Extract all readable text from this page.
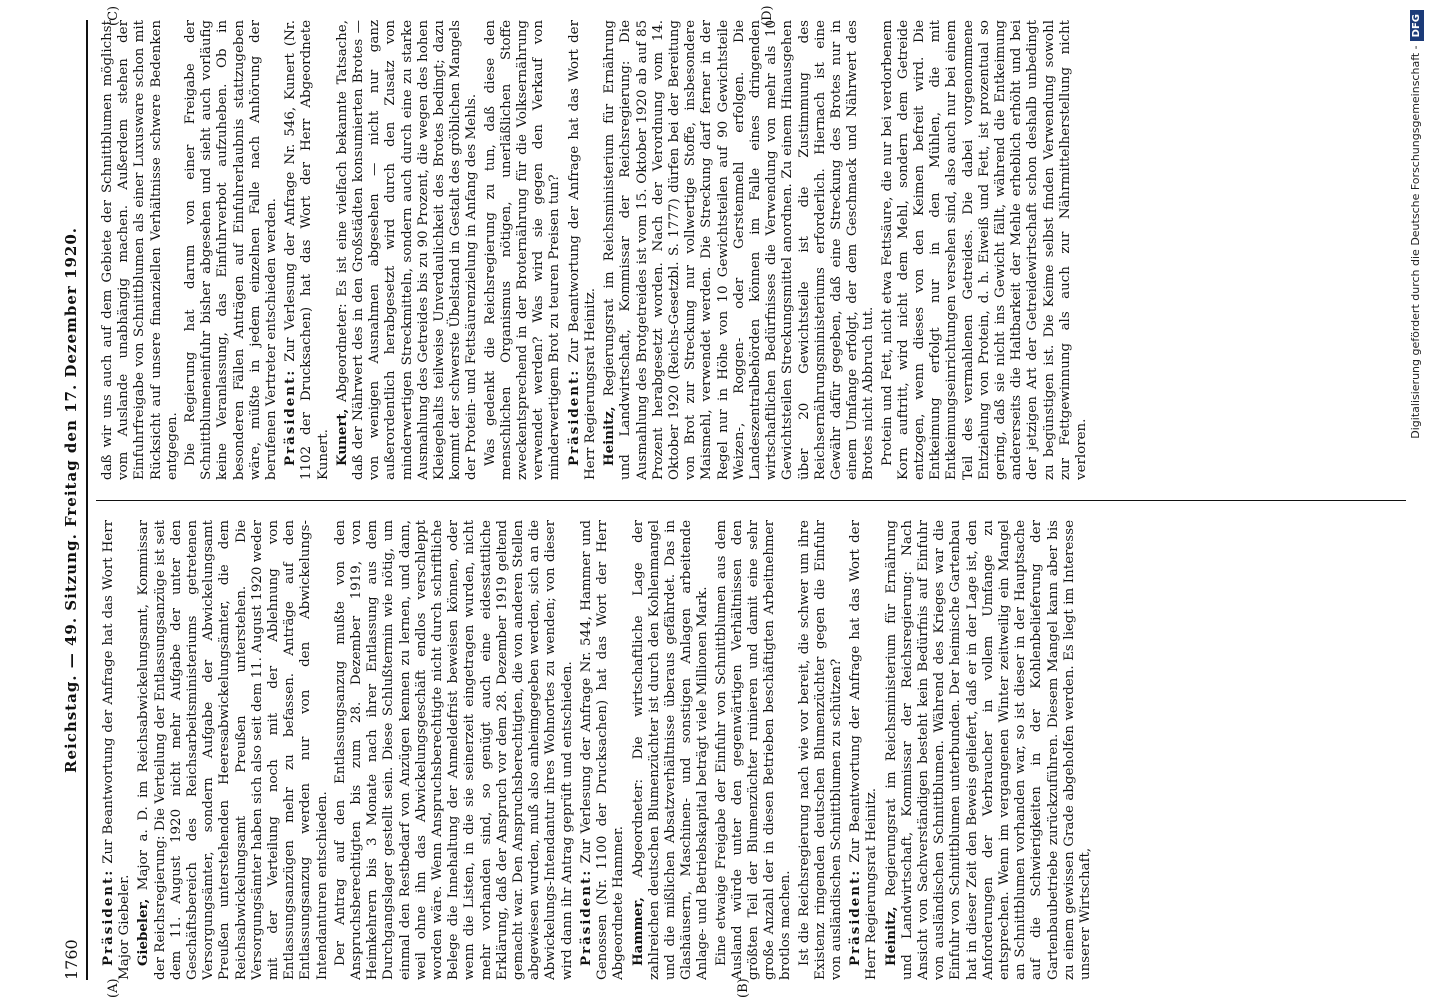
1760
Reichstag. — 49. Sitzung. Freitag den 17. Dezember 1920.
(A)	(B)
(C)	(D)

Präsident: Zur Beantwortung der Anfrage hat das Wort Herr Major Giebeler. Giebeler, Major a. D. im Reichsabwickelungsamt, Kommissar der Reichsregierung: Die Verteilung der Entlassungsanzüge ist seit dem 11. August 1920 nicht mehr Aufgabe der unter den Geschäftsbereich des Reichsarbeitsministeriums getretenen Versorgungsämter, sondern Aufgabe der Abwickelungsamt Preußen unterstehenden Heeresabwickelungsämter, die dem Reichsabwickelungsamt Preußen unterstehen. Die Versorgungsämter haben sich also seit dem 11. August 1920 weder mit der Verteilung noch mit der Ablehnung von Entlassungsanzügen mehr zu befassen. Anträge auf den Entlassungsanzug werden nur von den Abwickelungs-Intendanturen entschieden. Der Antrag auf den Entlassungsanzug mußte von den Anspruchsberechtigten bis zum 28. Dezember 1919, von Heimkehrern bis 3 Monate nach ihrer Entlassung aus dem Durchgangslager gestellt sein. Diese Schlußtermin wie nötig, um einmal den Restbedarf von Anzügen kennen zu lernen, und dann, weil ohne ihn das Abwickelungsgeschäft endlos verschleppt worden wäre. Wenn Anspruchsberechtigte nicht durch schriftliche Belege die Innehaltung der Anmeldefrist beweisen können, oder wenn die Listen, in die sie seinerzeit eingetragen wurden, nicht mehr vorhanden sind, so genügt auch eine eidesstattliche Erklärung, daß der Anspruch vor dem 28. Dezember 1919 geltend gemacht war. Den Anspruchsberechtigten, die von anderen Stellen abgewiesen wurden, muß also anheimgegeben werden, sich an die Abwickelungs-Intendantur ihres Wohnortes zu wenden; von dieser wird dann ihr Antrag geprüft und entschieden. Präsident: Zur Verlesung der Anfrage Nr. 544, Hammer und Genossen (Nr. 1100 der Drucksachen) hat das Wort der Herr Abgeordnete Hammer. Hammer, Abgeordneter: Die wirtschaftliche Lage der zahlreichen deutschen Blumenzüchter ist durch den Kohlenmangel und die mißlichen Absatzverhältnisse überaus gefährdet. Das in Glashäusern, Maschinen- und sonstigen Anlagen arbeitende Anlage- und Betriebskapital beträgt viele Millionen Mark. Eine etwaige Freigabe der Einfuhr von Schnittblumen aus dem Ausland würde unter den gegenwärtigen Verhältnissen den größten Teil der Blumenzüchter ruinieren und damit eine sehr große Anzahl der in diesen Betrieben beschäftigten Arbeitnehmer brotlos machen. Ist die Reichsregierung nach wie vor bereit, die schwer um ihre Existenz ringenden deutschen Blumenzüchter gegen die Einfuhr von ausländischen Schnittblumen zu schützen? Präsident: Zur Beantwortung der Anfrage hat das Wort der Herr Regierungsrat Heinitz. Heinitz, Regierungsrat im Reichsministerium für Ernährung und Landwirtschaft, Kommissar der Reichsregierung: Nach Ansicht von Sachverständigen besteht kein Bedürfnis auf Einfuhr von ausländischen Schnittblumen. Während des Krieges war die Einfuhr von Schnittblumen unterbunden. Der heimische Gartenbau hat in dieser Zeit den Beweis geliefert, daß er in der Lage ist, den Anforderungen der Verbraucher in vollem Umfange zu entsprechen. Wenn im vergangenen Winter zeitweilig ein Mangel an Schnittblumen vorhanden war, so ist dieser in der Hauptsache auf die Schwierigkeiten in der Kohlenbelieferung der Gartenbaubetriebe zurückzuführen. Diesem Mangel kann aber bis zu einem gewissen Grade abgeholfen werden. Es liegt im Interesse unserer Wirtschaft,

daß wir uns auch auf dem Gebiete der Schnittblumen möglichst vom Auslande unabhängig machen. Außerdem stehen der Einfuhrfreigabe von Schnittblumen als einer Luxusware schon mit Rücksicht auf unsere finanziellen Verhältnisse schwere Bedenken entgegen. Die Regierung hat darum von einer Freigabe der Schnittblumeneinfuhr bisher abgesehen und sieht auch vorläufig keine Veranlassung, das Einfuhrverbot aufzuheben. Ob in besonderen Fällen Anträgen auf Einfuhrerlaubnis stattzugeben wäre, müßte in jedem einzelnen Falle nach Anhörung der berufenen Vertreter entschieden werden. Präsident: Zur Verlesung der Anfrage Nr. 546, Kunert (Nr. 1102 der Drucksachen) hat das Wort der Herr Abgeordnete Kunert. Kunert, Abgeordneter: Es ist eine vielfach bekannte Tatsache, daß der Nährwert des in den Großstädten konsumierten Brotes — von wenigen Ausnahmen abgesehen — nicht nur ganz außerordentlich herabgesetzt wird durch den Zusatz von minderwertigen Streckmitteln, sondern auch durch eine zu starke Ausmahlung des Getreides bis zu 90 Prozent, die wegen des hohen Kleiegehalts teilweise Unverdaulichkeit des Brotes bedingt; dazu kommt der schwerste Übelstand in Gestalt des gröblichen Mangels der Protein- und Fettsäurenzielung in Anfang des Mehls. Was gedenkt die Reichsregierung zu tun, daß diese den menschlichen Organismus nötigen, unerläßlichen Stoffe zweckentsprechend in der Broternährung für die Volksernährung verwendet werden? Was wird sie gegen den Verkauf von minderwertigem Brot zu teuren Preisen tun? Präsident: Zur Beantwortung der Anfrage hat das Wort der Herr Regierungsrat Heinitz. Heinitz, Regierungsrat im Reichsministerium für Ernährung und Landwirtschaft, Kommissar der Reichsregierung: Die Ausmahlung des Brotgetreides ist vom 15. Oktober 1920 ab auf 85 Prozent herabgesetzt worden. Nach der Verordnung vom 14. Oktober 1920 (Reichs-Gesetzbl. S. 1777) dürfen bei der Bereitung von Brot zur Streckung nur vollwertige Stoffe, insbesondere Maismehl, verwendet werden. Die Streckung darf ferner in der Regel nur in Höhe von 10 Gewichtsteilen auf 90 Gewichtsteile Weizen-, Roggen- oder Gerstenmehl erfolgen. Die Landeszentralbehörden können im Falle eines dringenden wirtschaftlichen Bedürfnisses die Verwendung von mehr als 10 Gewichtsteilen Streckungsmittel anordnen. Zu einem Hinausgehen über 20 Gewichtsteile ist die Zustimmung des Reichsernährungsministeriums erforderlich. Hiernach ist eine Gewähr dafür gegeben, daß eine Streckung des Brotes nur in einem Umfange erfolgt, der dem Geschmack und Nährwert des Brotes nicht Abbruch tut. Protein und Fett, nicht etwa Fettsäure, die nur bei verdorbenem Korn auftritt, wird nicht dem Mehl, sondern dem Getreide entzogen, wenn dieses von den Keimen befreit wird. Die Entkeimung erfolgt nur in den Mühlen, die mit Entkeimungseinrichtungen versehen sind, also auch nur bei einem Teil des vermahlenen Getreides. Die dabei vorgenommene Entziehung von Protein, d. h. Eiweiß und Fett, ist prozentual so gering, daß sie nicht ins Gewicht fällt, während die Entkeimung andererseits die Haltbarkeit der Mehle erheblich erhöht und bei der jetzigen Art der Getreidewirtschaft schon deshalb unbedingt zu begünstigen ist. Die Keime selbst finden Verwendung sowohl zur Fettgewinnung als auch zur Nährmittelherstellung nicht verloren.

Digitalisierung gefördert durch die Deutsche Forschungsgemeinschaft -DFG
